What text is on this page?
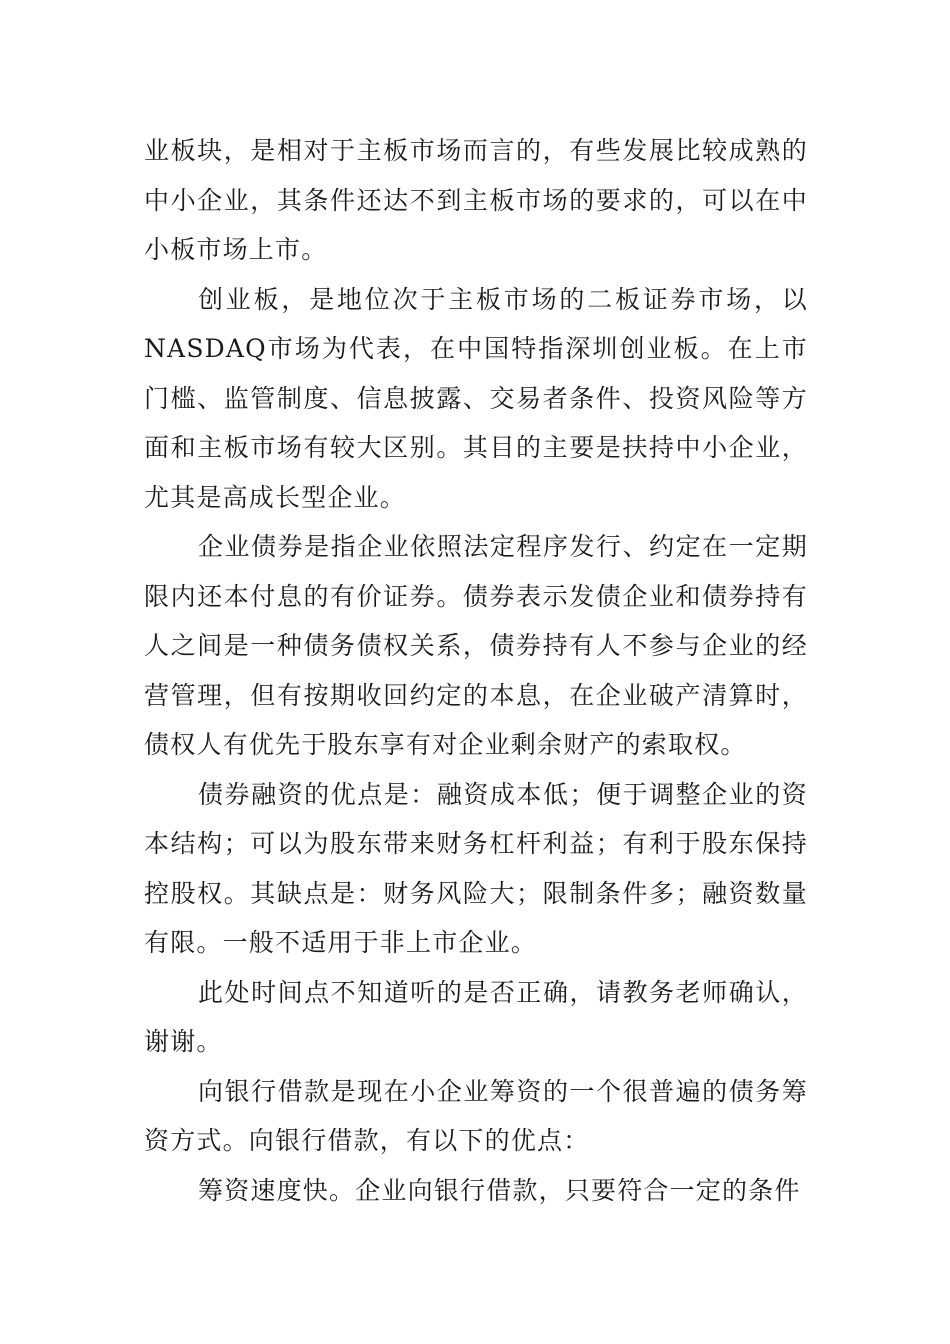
业板块，是相对于主板市场而言的，有些发展比较成熟的中小企业，其条件还达不到主板市场的要求的，可以在中小板市场上市。

创业板，是地位次于主板市场的二板证券市场，以NASDAQ市场为代表，在中国特指深圳创业板。在上市门槛、监管制度、信息披露、交易者条件、投资风险等方面和主板市场有较大区别。其目的主要是扶持中小企业，尤其是高成长型企业。

企业债券是指企业依照法定程序发行、约定在一定期限内还本付息的有价证券。债券表示发债企业和债券持有人之间是一种债务债权关系，债券持有人不参与企业的经营管理，但有按期收回约定的本息，在企业破产清算时，债权人有优先于股东享有对企业剩余财产的索取权。

债券融资的优点是：融资成本低；便于调整企业的资本结构；可以为股东带来财务杠杆利益；有利于股东保持控股权。其缺点是：财务风险大；限制条件多；融资数量有限。一般不适用于非上市企业。

此处时间点不知道听的是否正确，请教务老师确认，谢谢。

向银行借款是现在小企业筹资的一个很普遍的债务筹资方式。向银行借款，有以下的优点：

筹资速度快。企业向银行借款，只要符合一定的条件
